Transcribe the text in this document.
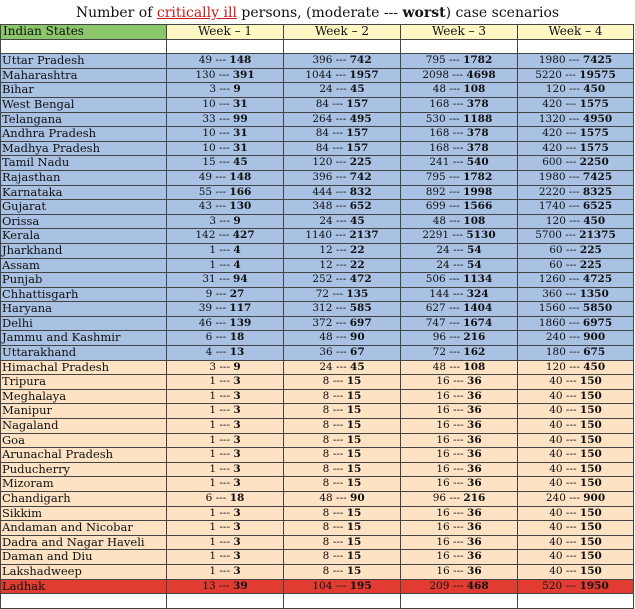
Number of critically ill persons, (moderate --- worst) case scenarios
Indian States	Week – 1	Week – 2	Week – 3	Week – 4

Uttar Pradesh	49 --- 148	396 --- 742	795 --- 1782	1980 --- 7425
Maharashtra	130 --- 391	1044 --- 1957	2098 --- 4698	5220 --- 19575
Bihar	3 --- 9	24 --- 45	48 --- 108	120 --- 450
West Bengal	10 --- 31	84 --- 157	168 --- 378	420 --- 1575
Telangana	33 --- 99	264 --- 495	530 --- 1188	1320 --- 4950
Andhra Pradesh	10 --- 31	84 --- 157	168 --- 378	420 --- 1575
Madhya Pradesh	10 --- 31	84 --- 157	168 --- 378	420 --- 1575
Tamil Nadu	15 --- 45	120 --- 225	241 --- 540	600 --- 2250
Rajasthan	49 --- 148	396 --- 742	795 --- 1782	1980 --- 7425
Karnataka	55 --- 166	444 --- 832	892 --- 1998	2220 --- 8325
Gujarat	43 --- 130	348 --- 652	699 --- 1566	1740 --- 6525
Orissa	3 --- 9	24 --- 45	48 --- 108	120 --- 450
Kerala	142 --- 427	1140 --- 2137	2291 --- 5130	5700 --- 21375
Jharkhand	1 --- 4	12 --- 22	24 --- 54	60 --- 225
Assam	1 --- 4	12 --- 22	24 --- 54	60 --- 225
Punjab	31 --- 94	252 --- 472	506 --- 1134	1260 --- 4725
Chhattisgarh	9 --- 27	72 --- 135	144 --- 324	360 --- 1350
Haryana	39 --- 117	312 --- 585	627 --- 1404	1560 --- 5850
Delhi	46 --- 139	372 --- 697	747 --- 1674	1860 --- 6975
Jammu and Kashmir	6 --- 18	48 --- 90	96 --- 216	240 --- 900
Uttarakhand	4 --- 13	36 --- 67	72 --- 162	180 --- 675
Himachal Pradesh	3 --- 9	24 --- 45	48 --- 108	120 --- 450
Tripura	1 --- 3	8 --- 15	16 --- 36	40 --- 150
Meghalaya	1 --- 3	8 --- 15	16 --- 36	40 --- 150
Manipur	1 --- 3	8 --- 15	16 --- 36	40 --- 150
Nagaland	1 --- 3	8 --- 15	16 --- 36	40 --- 150
Goa	1 --- 3	8 --- 15	16 --- 36	40 --- 150
Arunachal Pradesh	1 --- 3	8 --- 15	16 --- 36	40 --- 150
Puducherry	1 --- 3	8 --- 15	16 --- 36	40 --- 150
Mizoram	1 --- 3	8 --- 15	16 --- 36	40 --- 150
Chandigarh	6 --- 18	48 --- 90	96 --- 216	240 --- 900
Sikkim	1 --- 3	8 --- 15	16 --- 36	40 --- 150
Andaman and Nicobar	1 --- 3	8 --- 15	16 --- 36	40 --- 150
Dadra and Nagar Haveli	1 --- 3	8 --- 15	16 --- 36	40 --- 150
Daman and Diu	1 --- 3	8 --- 15	16 --- 36	40 --- 150
Lakshadweep	1 --- 3	8 --- 15	16 --- 36	40 --- 150
Ladhak	13 --- 39	104 --- 195	209 --- 468	520 --- 1950
